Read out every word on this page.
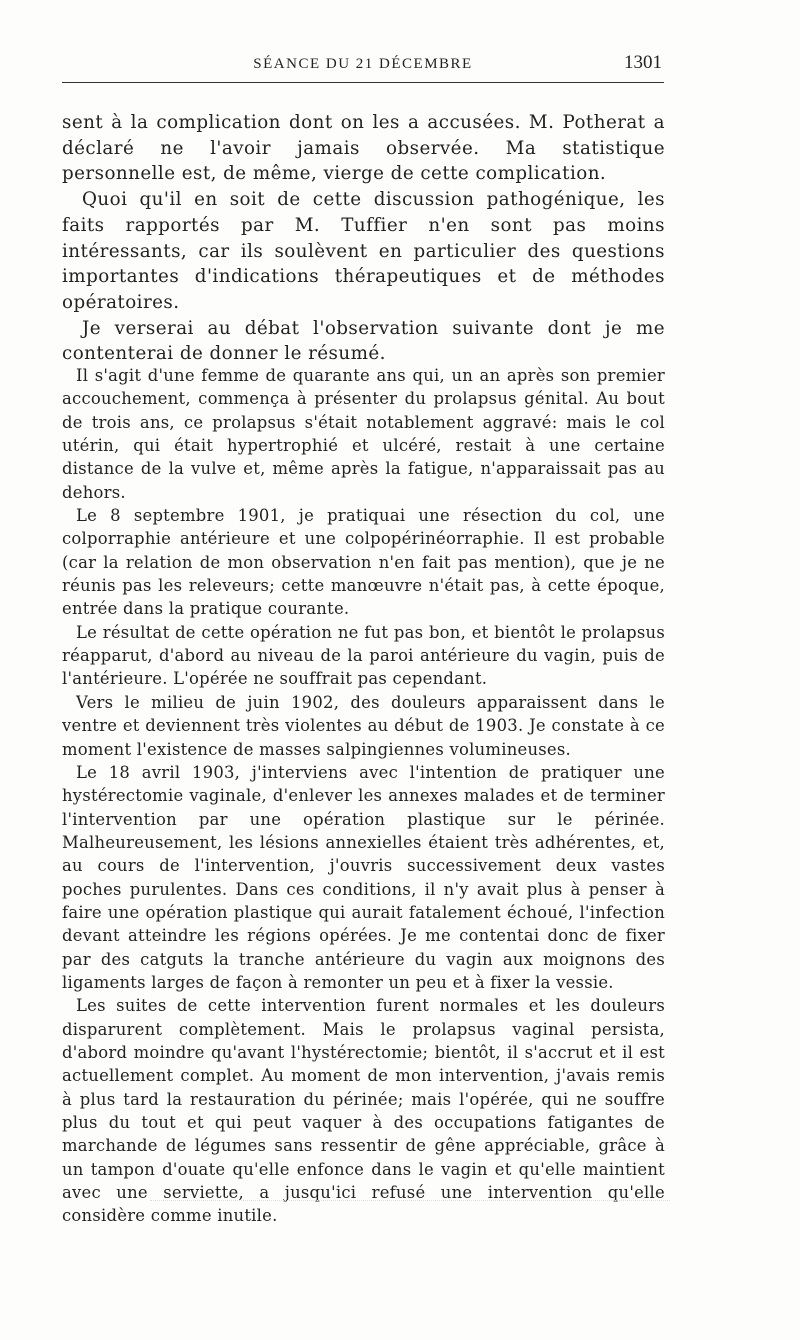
SÉANCE DU 21 DÉCEMBRE	1301

sent à la complication dont on les a accusées. M. Potherat a déclaré ne l'avoir jamais observée. Ma statistique personnelle est, de même, vierge de cette complication.

Quoi qu'il en soit de cette discussion pathogénique, les faits rapportés par M. Tuffier n'en sont pas moins intéressants, car ils soulèvent en particulier des questions importantes d'indications thérapeutiques et de méthodes opératoires.

Je verserai au débat l'observation suivante dont je me contenterai de donner le résumé.

Il s'agit d'une femme de quarante ans qui, un an après son premier accouchement, commença à présenter du prolapsus génital. Au bout de trois ans, ce prolapsus s'était notablement aggravé: mais le col utérin, qui était hypertrophié et ulcéré, restait à une certaine distance de la vulve et, même après la fatigue, n'apparaissait pas au dehors.

Le 8 septembre 1901, je pratiquai une résection du col, une colporraphie antérieure et une colpopérinéorraphie. Il est probable (car la relation de mon observation n'en fait pas mention), que je ne réunis pas les releveurs; cette manœuvre n'était pas, à cette époque, entrée dans la pratique courante.

Le résultat de cette opération ne fut pas bon, et bientôt le prolapsus réapparut, d'abord au niveau de la paroi antérieure du vagin, puis de l'antérieure. L'opérée ne souffrait pas cependant.

Vers le milieu de juin 1902, des douleurs apparaissent dans le ventre et deviennent très violentes au début de 1903. Je constate à ce moment l'existence de masses salpingiennes volumineuses.

Le 18 avril 1903, j'interviens avec l'intention de pratiquer une hystérectomie vaginale, d'enlever les annexes malades et de terminer l'intervention par une opération plastique sur le périnée. Malheureusement, les lésions annexielles étaient très adhérentes, et, au cours de l'intervention, j'ouvris successivement deux vastes poches purulentes. Dans ces conditions, il n'y avait plus à penser à faire une opération plastique qui aurait fatalement échoué, l'infection devant atteindre les régions opérées. Je me contentai donc de fixer par des catguts la tranche antérieure du vagin aux moignons des ligaments larges de façon à remonter un peu et à fixer la vessie.

Les suites de cette intervention furent normales et les douleurs disparurent complètement. Mais le prolapsus vaginal persista, d'abord moindre qu'avant l'hystérectomie; bientôt, il s'accrut et il est actuellement complet. Au moment de mon intervention, j'avais remis à plus tard la restauration du périnée; mais l'opérée, qui ne souffre plus du tout et qui peut vaquer à des occupations fatigantes de marchande de légumes sans ressentir de gêne appréciable, grâce à un tampon d'ouate qu'elle enfonce dans le vagin et qu'elle maintient avec une serviette, a jusqu'ici refusé une intervention qu'elle considère comme inutile.
